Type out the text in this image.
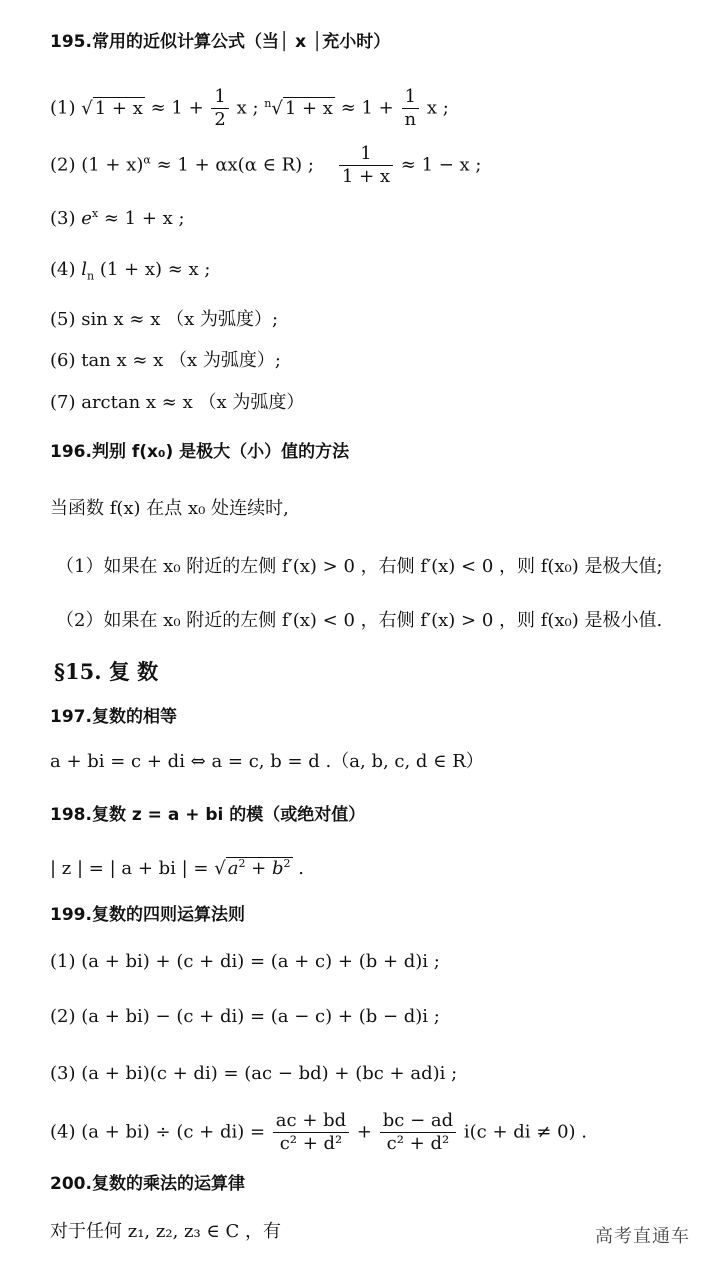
195.常用的近似计算公式（当│ x │充小时）
(1) √ $1 + x \approx 1 + \frac{1}{2}$ x ; $^n$√ $1 + x \approx 1 + \frac{1}{n}$ x ;
(2) $(1 + x)^\alpha \approx 1 + \alpha x(\alpha$ ∈ R) ; $\frac{1}{1 + x} \approx 1 - x$ ;
(3) $e^x \approx 1 + x$ ;
(4) $l_n$ (1 + x) ≈ x ;
(5) sin x ≈ x （x 为弧度）;
(6) tan x ≈ x （x 为弧度）;
(7) arctan x ≈ x （x 为弧度）
196.判别 f(x₀) 是极大（小）值的方法
当函数 f(x) 在点 x₀ 处连续时,
（1）如果在 x₀ 附近的左侧 f′(x) > 0 ，右侧 f′(x) < 0 ，则 f(x₀) 是极大值;
（2）如果在 x₀ 附近的左侧 f′(x) < 0 ，右侧 f′(x) > 0 ，则 f(x₀) 是极小值.
§15. 复 数
197.复数的相等
a + bi = c + di ⇔ a = c, b = d .（a, b, c, d ∈ R）
198.复数 z = a + bi 的模（或绝对值）
| z | = | a + bi | = √ $a^2 + b^2$ .
199.复数的四则运算法则
(1) (a + bi) + (c + di) = (a + c) + (b + d)i ;
(2) (a + bi) − (c + di) = (a − c) + (b − d)i ;
(3) (a + bi)(c + di) = (ac − bd) + (bc + ad)i ;
(4) $(a + bi) \div (c + di) = \frac{ac + bd}{\text{c² + d²}} + \frac{bc - ad}{\text{c² + d²}} i(c$ + di ≠ 0) .
200.复数的乘法的运算律
对于任何 z₁, z₂, z₃ ∈ C ，有	高考直通车
